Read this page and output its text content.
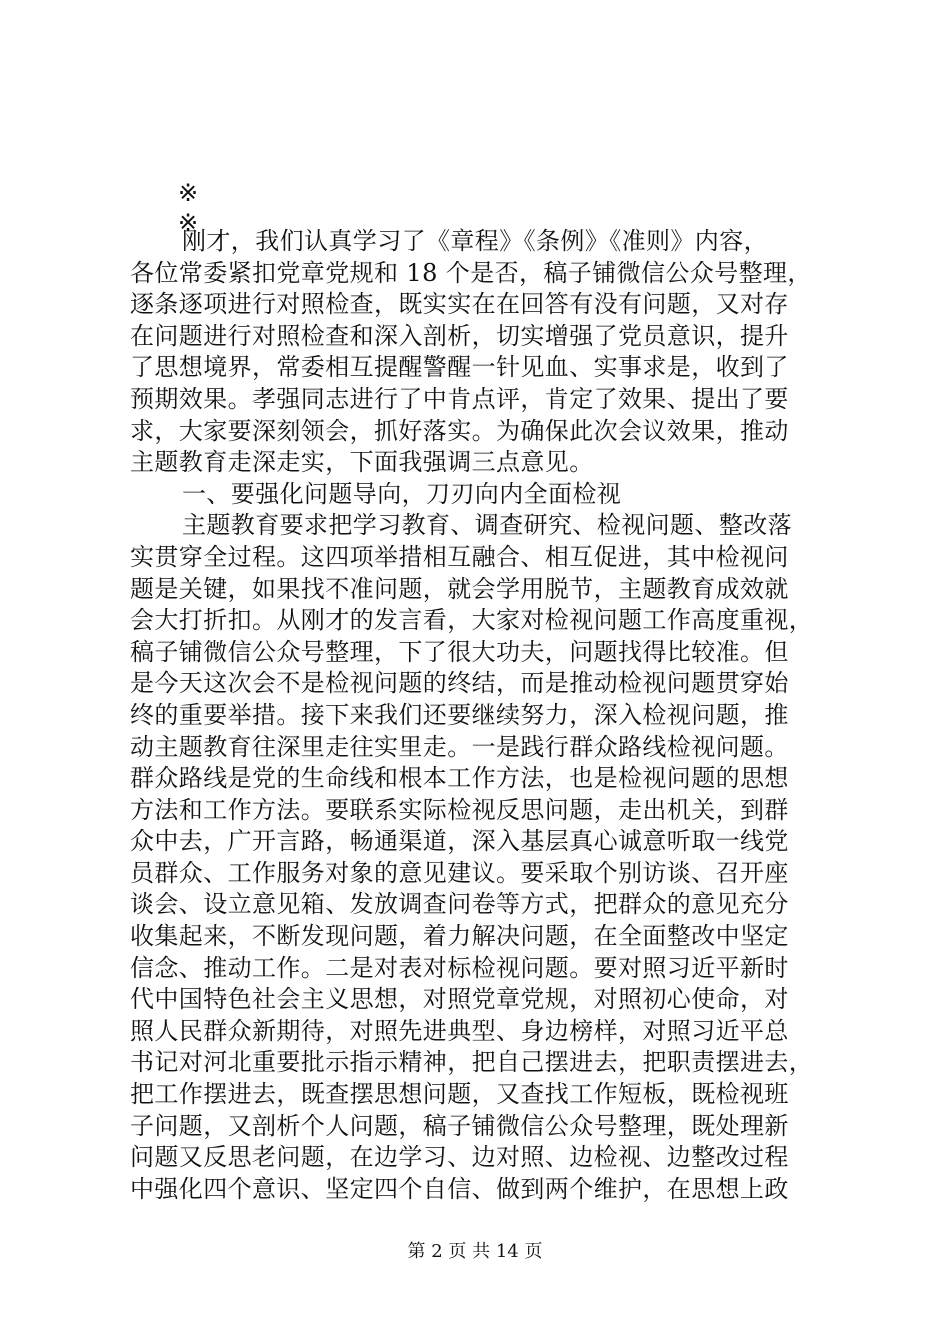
※
※
刚才，我们认真学习了《章程》《条例》《准则》内容，
各位常委紧扣党章党规和 18 个是否，稿子铺微信公众号整理，
逐条逐项进行对照检查，既实实在在回答有没有问题，又对存
在问题进行对照检查和深入剖析，切实增强了党员意识，提升
了思想境界，常委相互提醒警醒一针见血、实事求是，收到了
预期效果。孝强同志进行了中肯点评，肯定了效果、提出了要
求，大家要深刻领会，抓好落实。为确保此次会议效果，推动
主题教育走深走实，下面我强调三点意见。
一、要强化问题导向，刀刃向内全面检视
主题教育要求把学习教育、调查研究、检视问题、整改落
实贯穿全过程。这四项举措相互融合、相互促进，其中检视问
题是关键，如果找不准问题，就会学用脱节，主题教育成效就
会大打折扣。从刚才的发言看，大家对检视问题工作高度重视，
稿子铺微信公众号整理，下了很大功夫，问题找得比较准。但
是今天这次会不是检视问题的终结，而是推动检视问题贯穿始
终的重要举措。接下来我们还要继续努力，深入检视问题，推
动主题教育往深里走往实里走。一是践行群众路线检视问题。
群众路线是党的生命线和根本工作方法，也是检视问题的思想
方法和工作方法。要联系实际检视反思问题，走出机关，到群
众中去，广开言路，畅通渠道，深入基层真心诚意听取一线党
员群众、工作服务对象的意见建议。要采取个别访谈、召开座
谈会、设立意见箱、发放调查问卷等方式，把群众的意见充分
收集起来，不断发现问题，着力解决问题，在全面整改中坚定
信念、推动工作。二是对表对标检视问题。要对照习近平新时
代中国特色社会主义思想，对照党章党规，对照初心使命，对
照人民群众新期待，对照先进典型、身边榜样，对照习近平总
书记对河北重要批示指示精神，把自己摆进去，把职责摆进去，
把工作摆进去，既查摆思想问题，又查找工作短板，既检视班
子问题，又剖析个人问题，稿子铺微信公众号整理，既处理新
问题又反思老问题，在边学习、边对照、边检视、边整改过程
中强化四个意识、坚定四个自信、做到两个维护，在思想上政
第 2 页 共 14 页
